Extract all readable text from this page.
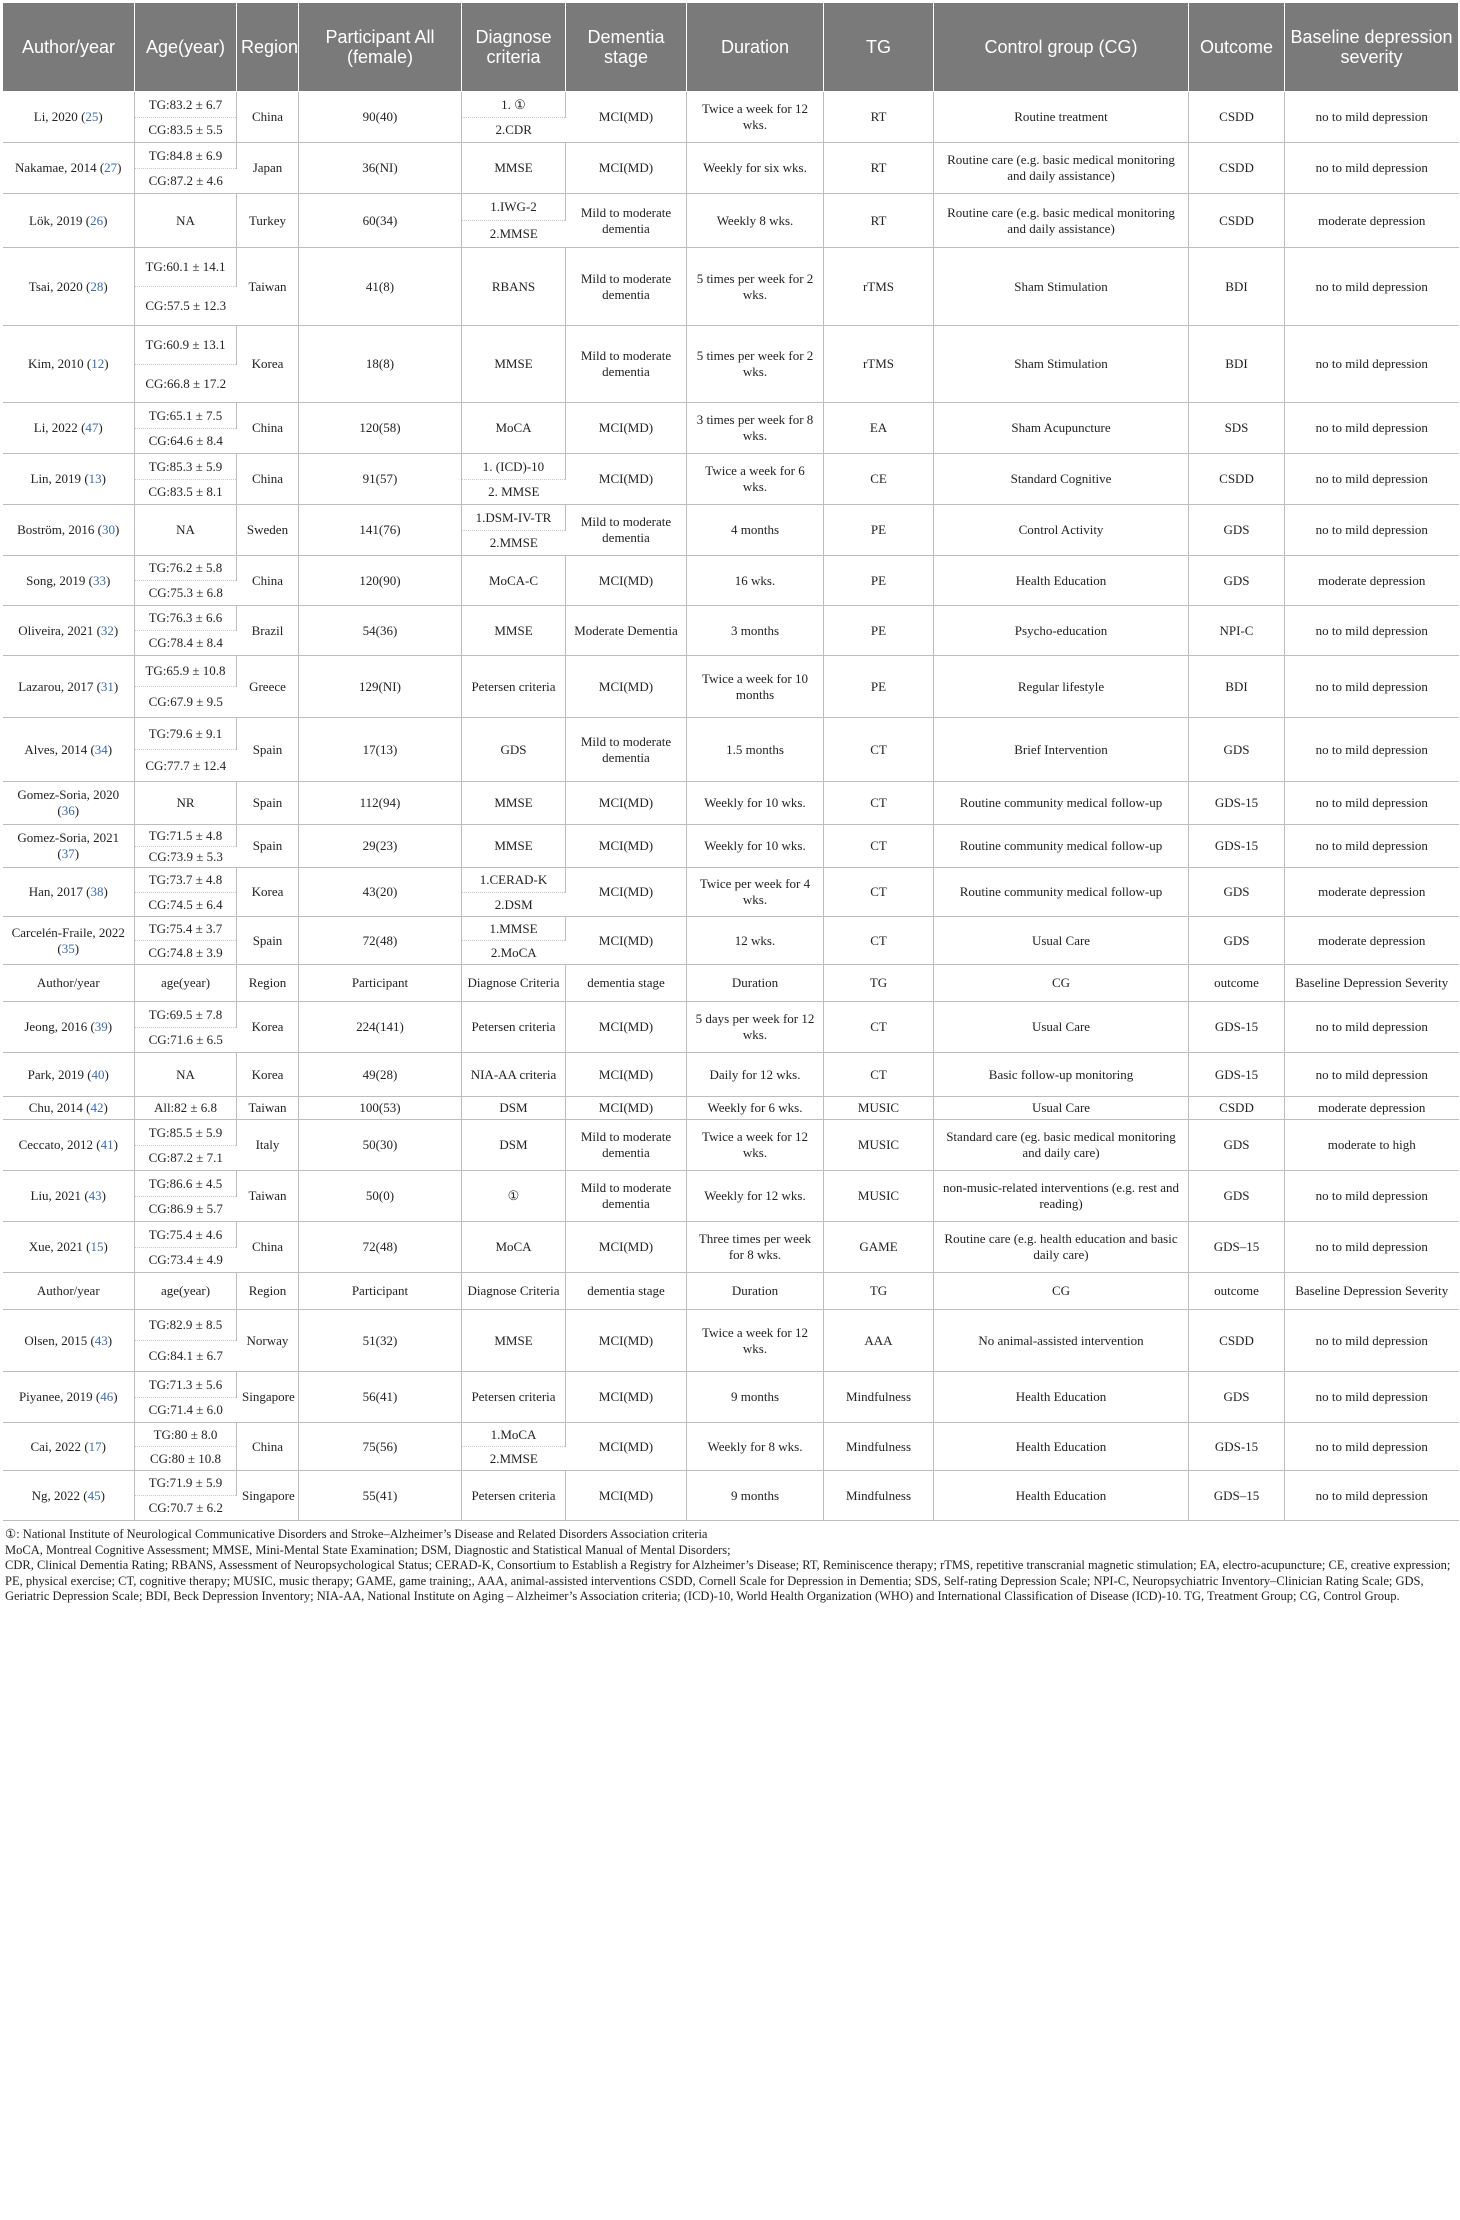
Author/year	Age(year)	Region	Participant All (female)	Diagnose criteria	Dementia stage	Duration	TG	Control group (CG)	Outcome	Baseline depression severity
Li, 2020 (25)	TG:83.2 ± 6.7	China	90(40)	1. ①	MCI(MD)	Twice a week for 12 wks.	RT	Routine treatment	CSDD	no to mild depression
	CG:83.5 ± 5.5			2.CDR						
Nakamae, 2014 (27)	TG:84.8 ± 6.9	Japan	36(NI)	MMSE	MCI(MD)	Weekly for six wks.	RT	Routine care (e.g. basic medical monitoring and daily assistance)	CSDD	no to mild depression
	CG:87.2 ± 4.6									
Lök, 2019 (26)	NA	Turkey	60(34)	1.IWG-2	Mild to moderate dementia	Weekly 8 wks.	RT	Routine care (e.g. basic medical monitoring and daily assistance)	CSDD	moderate depression
				2.MMSE						
Tsai, 2020 (28)	TG:60.1 ± 14.1	Taiwan	41(8)	RBANS	Mild to moderate dementia	5 times per week for 2 wks.	rTMS	Sham Stimulation	BDI	no to mild depression
	CG:57.5 ± 12.3									
Kim, 2010 (12)	TG:60.9 ± 13.1	Korea	18(8)	MMSE	Mild to moderate dementia	5 times per week for 2 wks.	rTMS	Sham Stimulation	BDI	no to mild depression
	CG:66.8 ± 17.2									
Li, 2022 (47)	TG:65.1 ± 7.5	China	120(58)	MoCA	MCI(MD)	3 times per week for 8 wks.	EA	Sham Acupuncture	SDS	no to mild depression
	CG:64.6 ± 8.4									
Lin, 2019 (13)	TG:85.3 ± 5.9	China	91(57)	1. (ICD)-10	MCI(MD)	Twice a week for 6 wks.	CE	Standard Cognitive	CSDD	no to mild depression
	CG:83.5 ± 8.1			2. MMSE						
Boström, 2016 (30)	NA	Sweden	141(76)	1.DSM-IV-TR	Mild to moderate dementia	4 months	PE	Control Activity	GDS	no to mild depression
				2.MMSE						
Song, 2019 (33)	TG:76.2 ± 5.8	China	120(90)	MoCA-C	MCI(MD)	16 wks.	PE	Health Education	GDS	moderate depression
	CG:75.3 ± 6.8									
Oliveira, 2021 (32)	TG:76.3 ± 6.6	Brazil	54(36)	MMSE	Moderate Dementia	3 months	PE	Psycho-education	NPI-C	no to mild depression
	CG:78.4 ± 8.4									
Lazarou, 2017 (31)	TG:65.9 ± 10.8	Greece	129(NI)	Petersen criteria	MCI(MD)	Twice a week for 10 months	PE	Regular lifestyle	BDI	no to mild depression
	CG:67.9 ± 9.5									
Alves, 2014 (34)	TG:79.6 ± 9.1	Spain	17(13)	GDS	Mild to moderate dementia	1.5 months	CT	Brief Intervention	GDS	no to mild depression
	CG:77.7 ± 12.4									
Gomez-Soria, 2020 (36)	NR	Spain	112(94)	MMSE	MCI(MD)	Weekly for 10 wks.	CT	Routine community medical follow-up	GDS-15	no to mild depression
Gomez-Soria, 2021 (37)	TG:71.5 ± 4.8	Spain	29(23)	MMSE	MCI(MD)	Weekly for 10 wks.	CT	Routine community medical follow-up	GDS-15	no to mild depression
	CG:73.9 ± 5.3									
Han, 2017 (38)	TG:73.7 ± 4.8	Korea	43(20)	1.CERAD-K	MCI(MD)	Twice per week for 4 wks.	CT	Routine community medical follow-up	GDS	moderate depression
	CG:74.5 ± 6.4			2.DSM						
Carcelén-Fraile, 2022 (35)	TG:75.4 ± 3.7	Spain	72(48)	1.MMSE	MCI(MD)	12 wks.	CT	Usual Care	GDS	moderate depression
	CG:74.8 ± 3.9			2.MoCA						
Author/year	age(year)	Region	Participant	Diagnose Criteria	dementia stage	Duration	TG	CG	outcome	Baseline Depression Severity
Jeong, 2016 (39)	TG:69.5 ± 7.8	Korea	224(141)	Petersen criteria	MCI(MD)	5 days per week for 12 wks.	CT	Usual Care	GDS-15	no to mild depression
	CG:71.6 ± 6.5									
Park, 2019 (40)	NA	Korea	49(28)	NIA-AA criteria	MCI(MD)	Daily for 12 wks.	CT	Basic follow-up monitoring	GDS-15	no to mild depression
Chu, 2014 (42)	All:82 ± 6.8	Taiwan	100(53)	DSM	MCI(MD)	Weekly for 6 wks.	MUSIC	Usual Care	CSDD	moderate depression
Ceccato, 2012 (41)	TG:85.5 ± 5.9	Italy	50(30)	DSM	Mild to moderate dementia	Twice a week for 12 wks.	MUSIC	Standard care (eg. basic medical monitoring and daily care)	GDS	moderate to high
	CG:87.2 ± 7.1									
Liu, 2021 (43)	TG:86.6 ± 4.5	Taiwan	50(0)	①	Mild to moderate dementia	Weekly for 12 wks.	MUSIC	non-music-related interventions (e.g. rest and reading)	GDS	no to mild depression
	CG:86.9 ± 5.7									
Xue, 2021 (15)	TG:75.4 ± 4.6	China	72(48)	MoCA	MCI(MD)	Three times per week for 8 wks.	GAME	Routine care (e.g. health education and basic daily care)	GDS–15	no to mild depression
	CG:73.4 ± 4.9									
Author/year	age(year)	Region	Participant	Diagnose Criteria	dementia stage	Duration	TG	CG	outcome	Baseline Depression Severity
Olsen, 2015 (43)	TG:82.9 ± 8.5	Norway	51(32)	MMSE	MCI(MD)	Twice a week for 12 wks.	AAA	No animal-assisted intervention	CSDD	no to mild depression
	CG:84.1 ± 6.7									
Piyanee, 2019 (46)	TG:71.3 ± 5.6	Singapore	56(41)	Petersen criteria	MCI(MD)	9 months	Mindfulness	Health Education	GDS	no to mild depression
	CG:71.4 ± 6.0									
Cai, 2022 (17)	TG:80 ± 8.0	China	75(56)	1.MoCA	MCI(MD)	Weekly for 8 wks.	Mindfulness	Health Education	GDS-15	no to mild depression
	CG:80 ± 10.8			2.MMSE						
Ng, 2022 (45)	TG:71.9 ± 5.9	Singapore	55(41)	Petersen criteria	MCI(MD)	9 months	Mindfulness	Health Education	GDS–15	no to mild depression
	CG:70.7 ± 6.2									

①: National Institute of Neurological Communicative Disorders and Stroke–Alzheimer’s Disease and Related Disorders Association criteria

MoCA, Montreal Cognitive Assessment; MMSE, Mini-Mental State Examination; DSM, Diagnostic and Statistical Manual of Mental Disorders;

CDR, Clinical Dementia Rating; RBANS, Assessment of Neuropsychological Status; CERAD-K, Consortium to Establish a Registry for Alzheimer’s Disease; RT, Reminiscence therapy; rTMS, repetitive transcranial magnetic stimulation; EA, electro-acupuncture; CE, creative expression; PE, physical exercise; CT, cognitive therapy; MUSIC, music therapy; GAME, game training;, AAA, animal-assisted interventions CSDD, Cornell Scale for Depression in Dementia; SDS, Self-rating Depression Scale; NPI-C, Neuropsychiatric Inventory–Clinician Rating Scale; GDS, Geriatric Depression Scale; BDI, Beck Depression Inventory; NIA-AA, National Institute on Aging – Alzheimer’s Association criteria; (ICD)-10, World Health Organization (WHO) and International Classification of Disease (ICD)-10. TG, Treatment Group; CG, Control Group.
